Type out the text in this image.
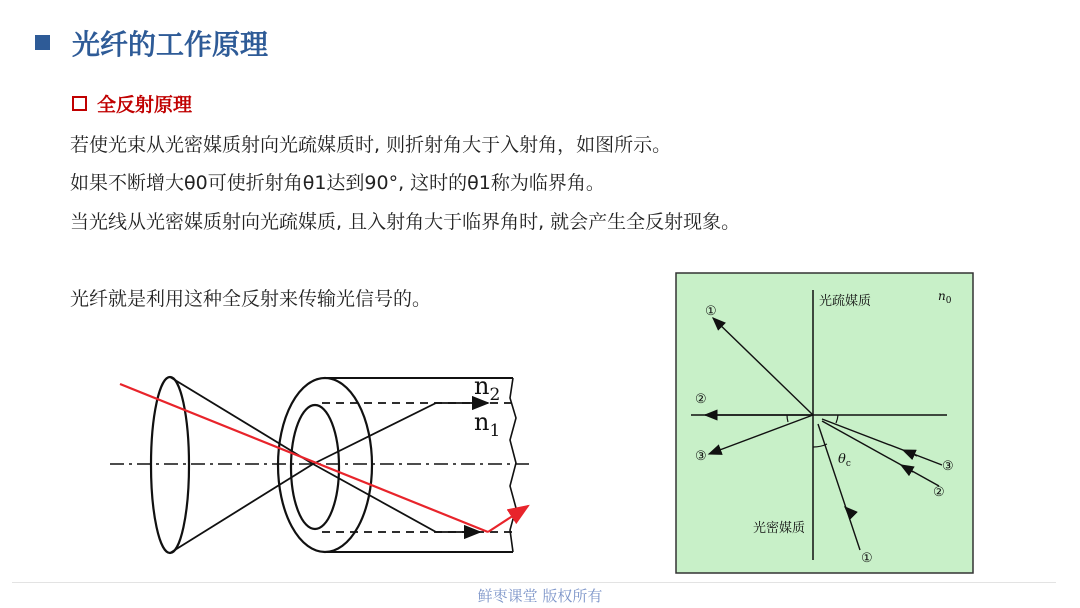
光纤的工作原理
全反射原理
若使光束从光密媒质射向光疏媒质时, 则折射角大于入射角，如图所示。
如果不断增大θ0可使折射角θ1达到90°, 这时的θ1称为临界角。
当光线从光密媒质射向光疏媒质, 且入射角大于临界角时, 就会产生全反射现象。
光纤就是利用这种全反射来传输光信号的。
$n_2$
$n_1$
光疏媒质
光密媒质
$n_0$
$\theta_c$
①
②
③
③
②
①
鲜枣课堂 版权所有
